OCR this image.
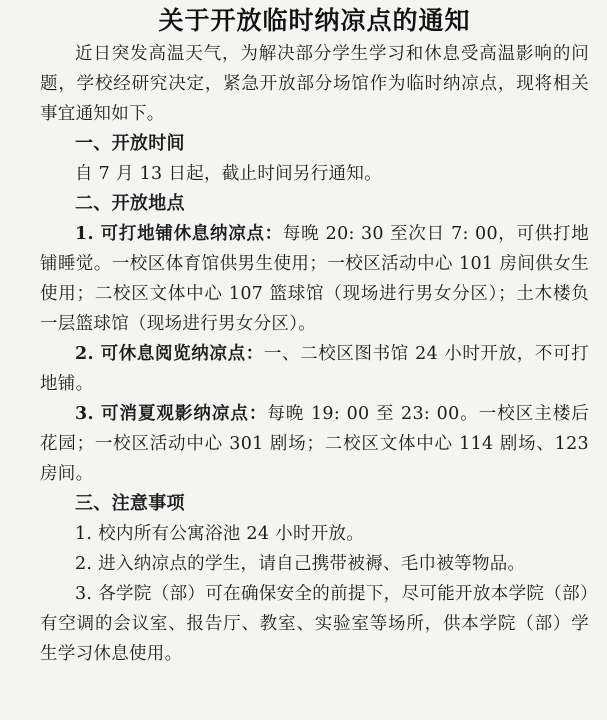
关于开放临时纳凉点的通知

近日突发高温天气，为解决部分学生学习和休息受高温影响的问题，学校经研究决定，紧急开放部分场馆作为临时纳凉点，现将相关事宜通知如下。

一、开放时间

自 7 月 13 日起，截止时间另行通知。

二、开放地点

1. 可打地铺休息纳凉点：每晚 20: 30 至次日 7: 00，可供打地铺睡觉。一校区体育馆供男生使用；一校区活动中心 101 房间供女生使用；二校区文体中心 107 篮球馆（现场进行男女分区）；土木楼负一层篮球馆（现场进行男女分区）。

2. 可休息阅览纳凉点：一、二校区图书馆 24 小时开放，不可打地铺。

3. 可消夏观影纳凉点：每晚 19: 00 至 23: 00。一校区主楼后花园；一校区活动中心 301 剧场；二校区文体中心 114 剧场、123 房间。

三、注意事项

1. 校内所有公寓浴池 24 小时开放。

2. 进入纳凉点的学生，请自己携带被褥、毛巾被等物品。

3. 各学院（部）可在确保安全的前提下，尽可能开放本学院（部）有空调的会议室、报告厅、教室、实验室等场所，供本学院（部）学生学习休息使用。
